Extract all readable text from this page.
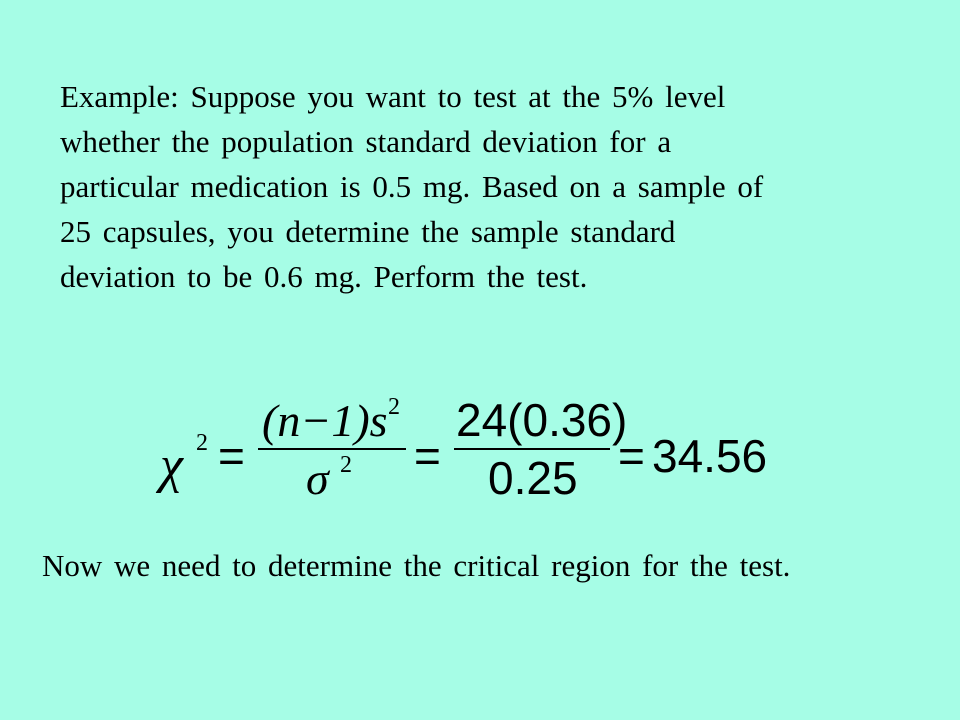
Example: Suppose you want to test at the 5% level
whether the population standard deviation for a
particular medication is 0.5 mg. Based on a sample of
25 capsules, you determine the sample standard
deviation to be 0.6 mg. Perform the test.

χ 2 =
(n−1)s 2
σ 2 =
24(0.36)
0.25 = 34.56

Now we need to determine the critical region for the test.
